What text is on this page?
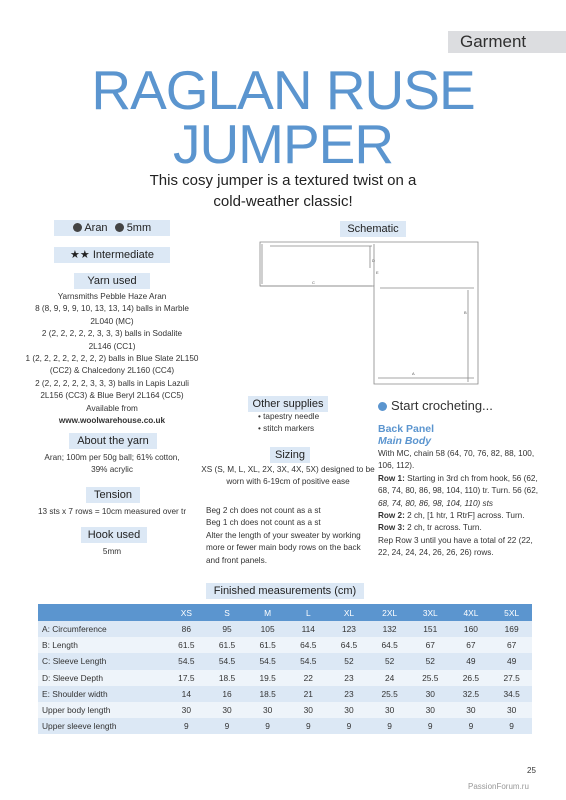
Garment
RAGLAN RUSE
JUMPER
This cosy jumper is a textured twist on a
cold-weather classic!
Aran 5mm
★★ Intermediate
Yarn used
Yarnsmiths Pebble Haze Aran
8 (8, 9, 9, 9, 10, 13, 13, 14) balls in Marble
2L040 (MC)
2 (2, 2, 2, 2, 2, 3, 3, 3) balls in Sodalite
2L146 (CC1)
1 (2, 2, 2, 2, 2, 2, 2, 2) balls in Blue Slate 2L150
(CC2) & Chalcedony 2L160 (CC4)
2 (2, 2, 2, 2, 2, 3, 3, 3) balls in Lapis Lazuli
2L156 (CC3) & Blue Beryl 2L164 (CC5)
Available from
www.woolwarehouse.co.uk
About the yarn
Aran; 100m per 50g ball; 61% cotton,
39% acrylic
Tension
13 sts x 7 rows = 10cm measured over tr
Hook used
5mm
Schematic
A
B
C
D
E
Other supplies
• tapestry needle
• stitch markers
Sizing
XS (S, M, L, XL, 2X, 3X, 4X, 5X) designed to be
worn with 6-19cm of positive ease
Beg 2 ch does not count as a st
Beg 1 ch does not count as a st
Alter the length of your sweater by working
more or fewer main body rows on the back
and front panels.
Start crocheting...
Back Panel
Main Body
With MC, chain 58 (64, 70, 76, 82, 88, 100,
106, 112).
Row 1: Starting in 3rd ch from hook, 56 (62,
68, 74, 80, 86, 98, 104, 110) tr. Turn. 56 (62,
68, 74, 80, 86, 98, 104, 110) sts
Row 2: 2 ch, [1 htr, 1 RtrF] across. Turn.
Row 3: 2 ch, tr across. Turn.
Rep Row 3 until you have a total of 22 (22,
22, 24, 24, 24, 26, 26, 26) rows.
Finished measurements (cm)
	XS	S	M	L	XL	2XL	3XL	4XL	5XL
A: Circumference	86	95	105	114	123	132	151	160	169
B: Length	61.5	61.5	61.5	64.5	64.5	64.5	67	67	67
C: Sleeve Length	54.5	54.5	54.5	54.5	52	52	52	49	49
D: Sleeve Depth	17.5	18.5	19.5	22	23	24	25.5	26.5	27.5
E: Shoulder width	14	16	18.5	21	23	25.5	30	32.5	34.5
Upper body length	30	30	30	30	30	30	30	30	30
Upper sleeve length	9	9	9	9	9	9	9	9	9
25
PassionForum.ru
